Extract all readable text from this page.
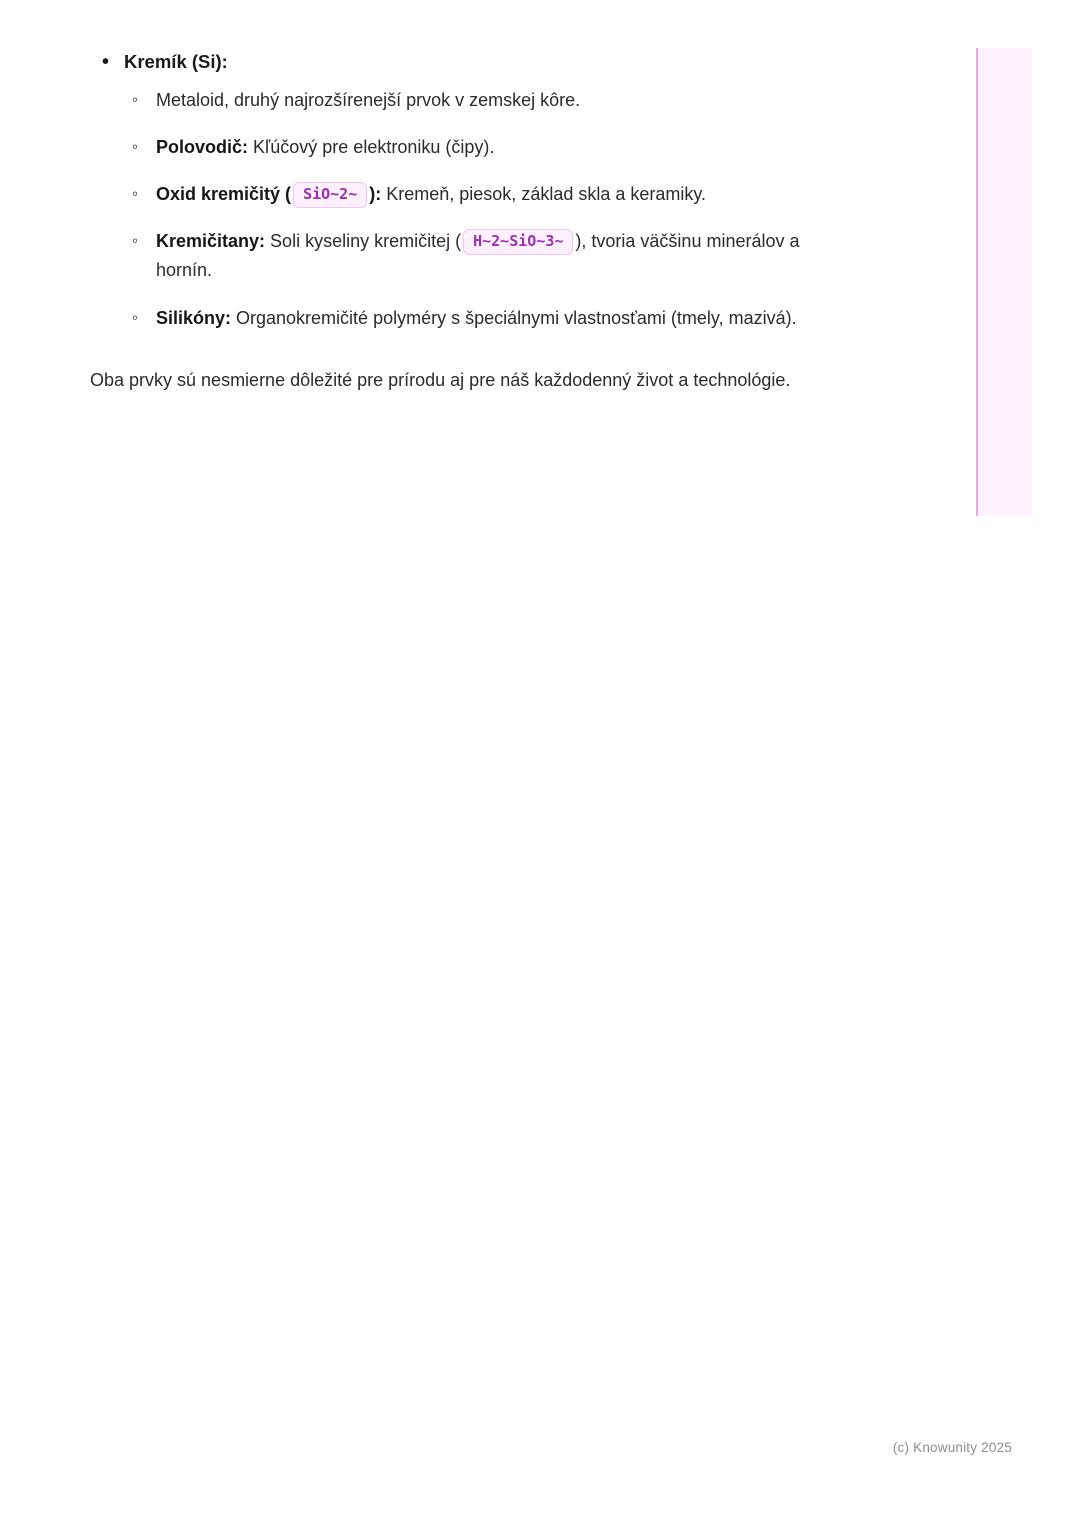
• Kremík (Si):
◦ Metaloid, druhý najrozšírenejší prvok v zemskej kôre.
◦ Polovodič: Kľúčový pre elektroniku (čipy).
◦ Oxid kremičitý ( SiO~2~ ): Kremeň, piesok, základ skla a keramiky.
◦ Kremičitany: Soli kyseliny kremičitej ( H~2~SiO~3~ ), tvoria väčšinu minerálov a hornín.
◦ Silikóny: Organokremičité polyméry s špeciálnymi vlastnosťami (tmely, mazivá).

Oba prvky sú nesmierne dôležité pre prírodu aj pre náš každodenný život a technológie.

(c) Knowunity 2025
